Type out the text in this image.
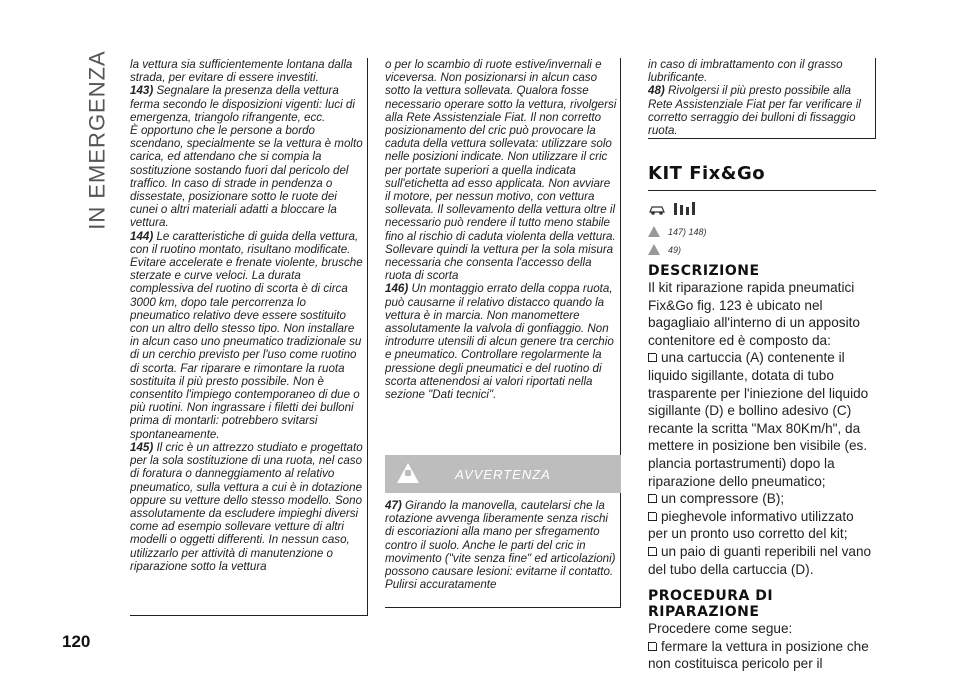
IN EMERGENZA la vettura sia sufficientemente lontana dalla strada, per evitare di essere investiti.

143) Segnalare la presenza della vettura ferma secondo le disposizioni vigenti: luci di emergenza, triangolo rifrangente, ecc.

È opportuno che le persone a bordo scendano, specialmente se la vettura è molto carica, ed attendano che si compia la sostituzione sostando fuori dal pericolo del traffico. In caso di strade in pendenza o dissestate, posizionare sotto le ruote dei cunei o altri materiali adatti a bloccare la vettura.

144) Le caratteristiche di guida della vettura, con il ruotino montato, risultano modificate. Evitare accelerate e frenate violente, brusche sterzate e curve veloci. La durata complessiva del ruotino di scorta è di circa 3000 km, dopo tale percorrenza lo pneumatico relativo deve essere sostituito con un altro dello stesso tipo. Non installare in alcun caso uno pneumatico tradizionale su di un cerchio previsto per l'uso come ruotino di scorta. Far riparare e rimontare la ruota sostituita il più presto possibile. Non è consentito l'impiego contemporaneo di due o più ruotini. Non ingrassare i filetti dei bulloni prima di montarli: potrebbero svitarsi spontaneamente.

145) Il cric è un attrezzo studiato e progettato per la sola sostituzione di una ruota, nel caso di foratura o danneggiamento al relativo pneumatico, sulla vettura a cui è in dotazione oppure su vetture dello stesso modello. Sono assolutamente da escludere impieghi diversi come ad esempio sollevare vetture di altri modelli o oggetti differenti. In nessun caso, utilizzarlo per attività di manutenzione o riparazione sotto la vettura

o per lo scambio di ruote estive/invernali e viceversa. Non posizionarsi in alcun caso sotto la vettura sollevata. Qualora fosse necessario operare sotto la vettura, rivolgersi alla Rete Assistenziale Fiat. Il non corretto posizionamento del cric può provocare la caduta della vettura sollevata: utilizzare solo nelle posizioni indicate. Non utilizzare il cric per portate superiori a quella indicata sull'etichetta ad esso applicata. Non avviare il motore, per nessun motivo, con vettura sollevata. Il sollevamento della vettura oltre il necessario può rendere il tutto meno stabile fino al rischio di caduta violenta della vettura. Sollevare quindi la vettura per la sola misura necessaria che consenta l'accesso della ruota di scorta

146) Un montaggio errato della coppa ruota, può causarne il relativo distacco quando la vettura è in marcia. Non manomettere assolutamente la valvola di gonfiaggio. Non introdurre utensili di alcun genere tra cerchio e pneumatico. Controllare regolarmente la pressione degli pneumatici e del ruotino di scorta attenendosi ai valori riportati nella sezione "Dati tecnici".

AVVERTENZA
47) Girando la manovella, cautelarsi che la rotazione avvenga liberamente senza rischi di escoriazioni alla mano per sfregamento contro il suolo. Anche le parti del cric in movimento ("vite senza fine" ed articolazioni) possono causare lesioni: evitarne il contatto. Pulirsi accuratamente

in caso di imbrattamento con il grasso lubrificante.

48) Rivolgersi il più presto possibile alla Rete Assistenziale Fiat per far verificare il corretto serraggio dei bulloni di fissaggio ruota.

KIT Fix&Go
147) 148)
49)
DESCRIZIONE
Il kit riparazione rapida pneumatici Fix&Go fig. 123 è ubicato nel bagagliaio all'interno di un apposito contenitore ed è composto da:
una cartuccia (A) contenente il liquido sigillante, dotata di tubo trasparente per l'iniezione del liquido sigillante (D) e bollino adesivo (C) recante la scritta "Max 80Km/h", da mettere in posizione ben visibile (es. plancia portastrumenti) dopo la riparazione dello pneumatico;
un compressore (B);
pieghevole informativo utilizzato per un pronto uso corretto del kit;
un paio di guanti reperibili nel vano del tubo della cartuccia (D).
PROCEDURA DI RIPARAZIONE
Procedere come segue:
fermare la vettura in posizione che non costituisca pericolo per il
120
